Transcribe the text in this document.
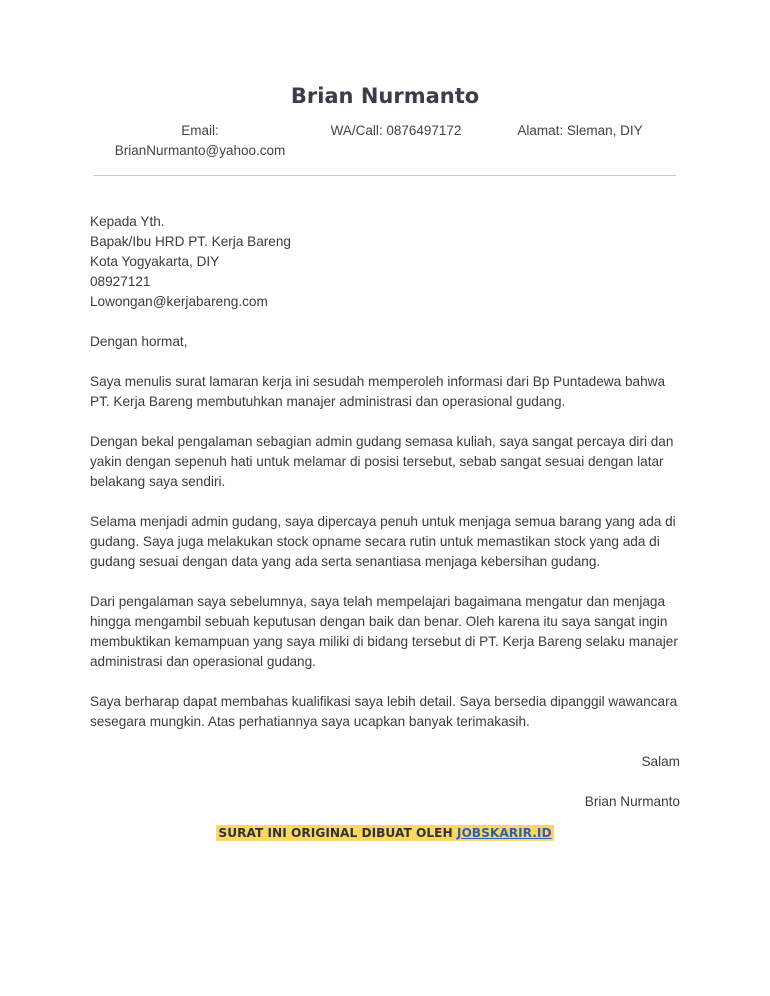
Brian Nurmanto
Email:
BrianNurmanto@yahoo.com
WA/Call: 0876497172	Alamat: Sleman, DIY
Kepada Yth.
Bapak/Ibu HRD PT. Kerja Bareng
Kota Yogyakarta, DIY
08927121
Lowongan@kerjabareng.com
Dengan hormat,
Saya menulis surat lamaran kerja ini sesudah memperoleh informasi dari Bp Puntadewa bahwa
PT. Kerja Bareng membutuhkan manajer administrasi dan operasional gudang.
Dengan bekal pengalaman sebagian admin gudang semasa kuliah, saya sangat percaya diri dan
yakin dengan sepenuh hati untuk melamar di posisi tersebut, sebab sangat sesuai dengan latar
belakang saya sendiri.
Selama menjadi admin gudang, saya dipercaya penuh untuk menjaga semua barang yang ada di
gudang. Saya juga melakukan stock opname secara rutin untuk memastikan stock yang ada di
gudang sesuai dengan data yang ada serta senantiasa menjaga kebersihan gudang.
Dari pengalaman saya sebelumnya, saya telah mempelajari bagaimana mengatur dan menjaga
hingga mengambil sebuah keputusan dengan baik dan benar. Oleh karena itu saya sangat ingin
membuktikan kemampuan yang saya miliki di bidang tersebut di PT. Kerja Bareng selaku manajer
administrasi dan operasional gudang.
Saya berharap dapat membahas kualifikasi saya lebih detail. Saya bersedia dipanggil wawancara
sesegara mungkin. Atas perhatiannya saya ucapkan banyak terimakasih.
Salam
Brian Nurmanto
SURAT INI ORIGINAL DIBUAT OLEH JOBSKARIR.ID
